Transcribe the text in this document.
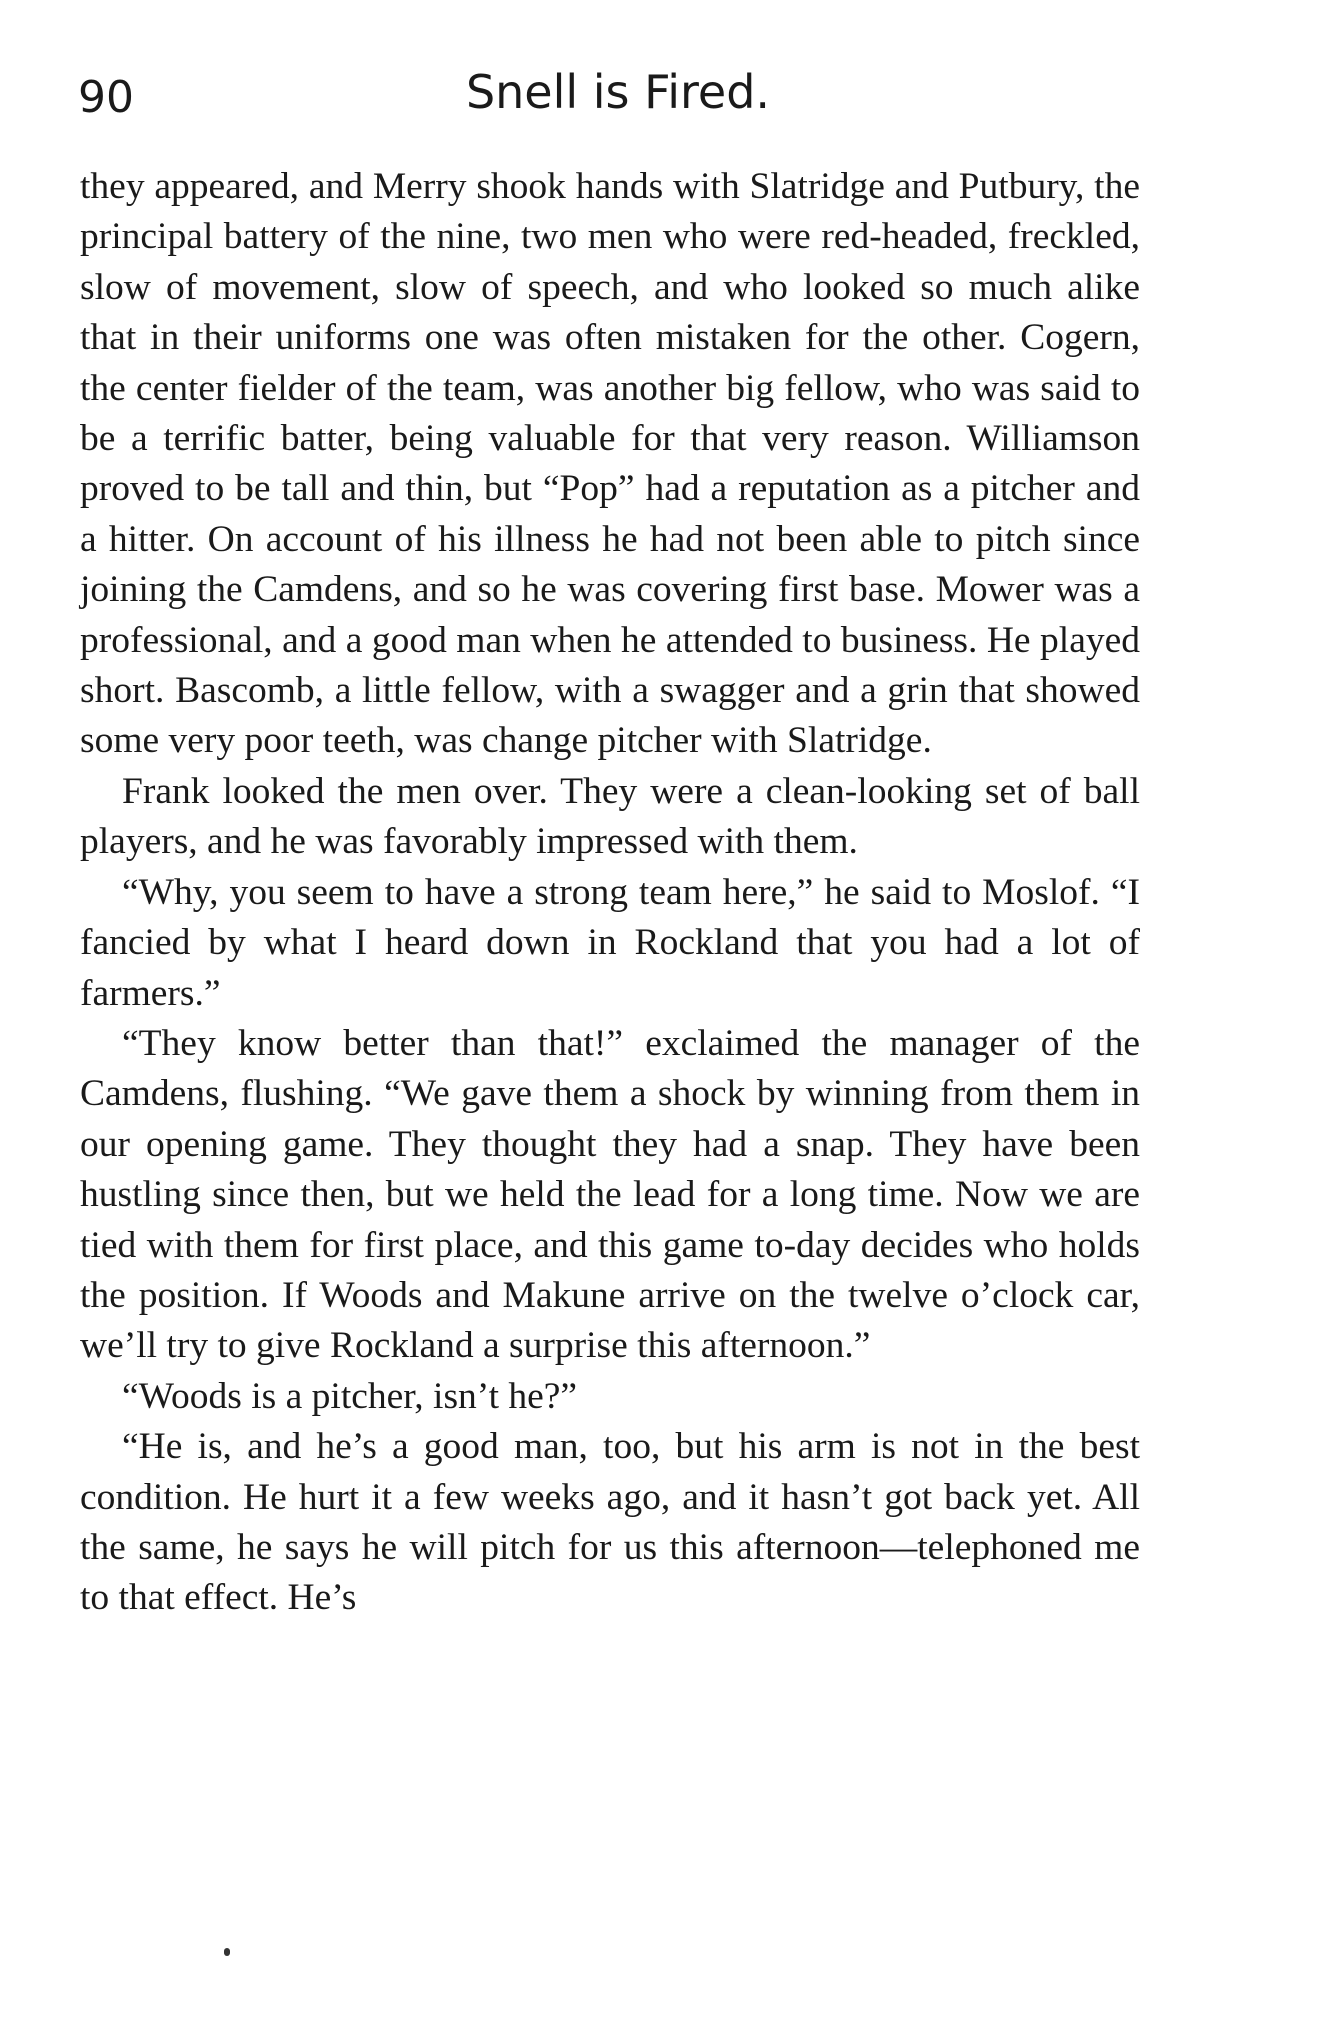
90	Snell is Fired.

they appeared, and Merry shook hands with Slatridge and Putbury, the principal battery of the nine, two men who were red-headed, freckled, slow of movement, slow of speech, and who looked so much alike that in their uniforms one was often mistaken for the other. Cogern, the center fielder of the team, was another big fellow, who was said to be a terrific batter, being valuable for that very reason. Williamson proved to be tall and thin, but “Pop” had a reputation as a pitcher and a hitter. On account of his illness he had not been able to pitch since joining the Camdens, and so he was covering first base. Mower was a professional, and a good man when he attended to business. He played short. Bascomb, a little fellow, with a swagger and a grin that showed some very poor teeth, was change pitcher with Slatridge.

Frank looked the men over. They were a clean-looking set of ball players, and he was favorably impressed with them.

“Why, you seem to have a strong team here,” he said to Moslof. “I fancied by what I heard down in Rockland that you had a lot of farmers.”

“They know better than that!” exclaimed the manager of the Camdens, flushing. “We gave them a shock by winning from them in our opening game. They thought they had a snap. They have been hustling since then, but we held the lead for a long time. Now we are tied with them for first place, and this game to-day decides who holds the position. If Woods and Makune arrive on the twelve o’clock car, we’ll try to give Rockland a surprise this afternoon.”

“Woods is a pitcher, isn’t he?”

“He is, and he’s a good man, too, but his arm is not in the best condition. He hurt it a few weeks ago, and it hasn’t got back yet. All the same, he says he will pitch for us this afternoon—telephoned me to that effect. He’s
